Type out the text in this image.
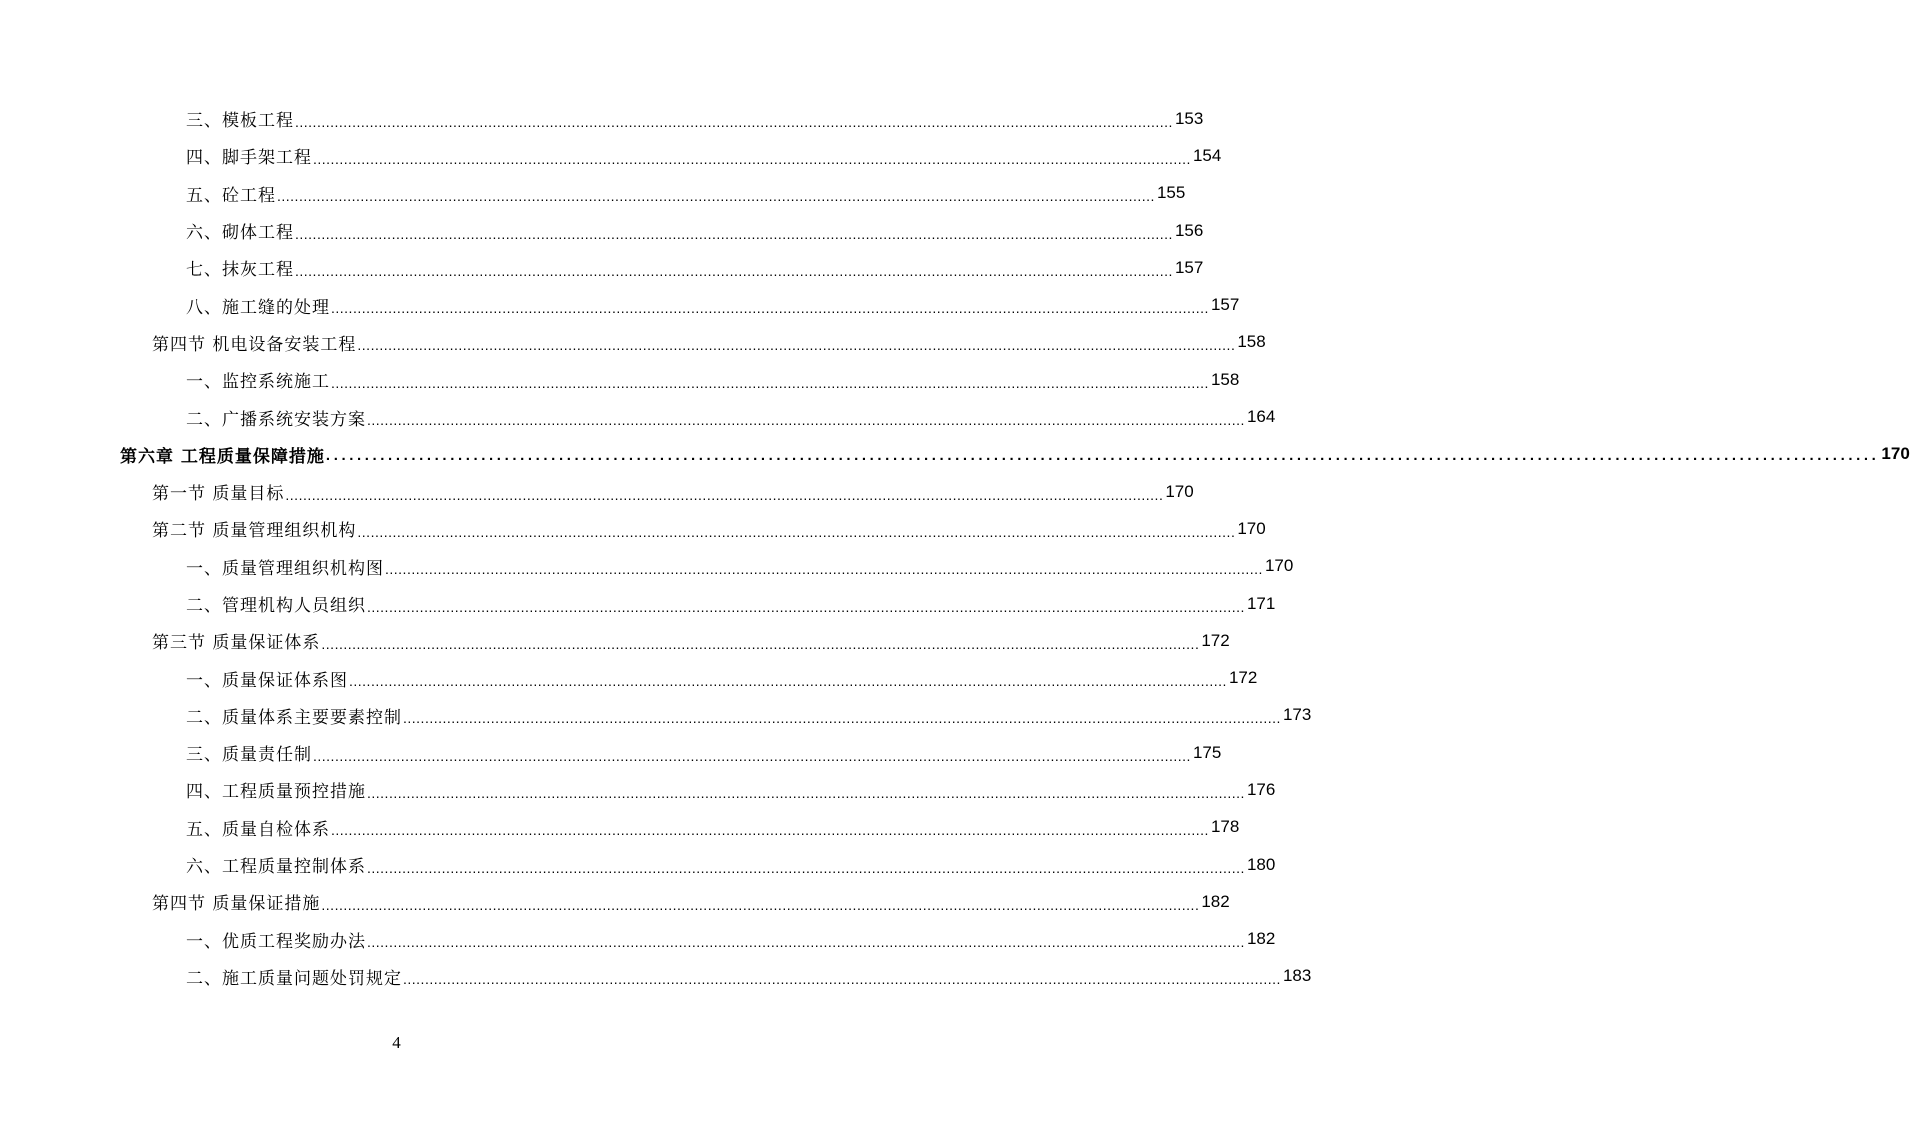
三、模板工程 ........................................................................................................................................................................................................ 153
四、脚手架工程 ........................................................................................................................................................................................................ 154
五、砼工程 ........................................................................................................................................................................................................ 155
六、砌体工程 ........................................................................................................................................................................................................ 156
七、抹灰工程 ........................................................................................................................................................................................................ 157
八、施工缝的处理 ........................................................................................................................................................................................................ 157
第四节 机电设备安装工程 ........................................................................................................................................................................................................ 158
一、监控系统施工 ........................................................................................................................................................................................................ 158
二、广播系统安装方案 ........................................................................................................................................................................................................ 164
第六章 工程质量保障措施 ........................................................................................................................................................................................................ 170
第一节 质量目标 ........................................................................................................................................................................................................ 170
第二节 质量管理组织机构 ........................................................................................................................................................................................................ 170
一、质量管理组织机构图 ........................................................................................................................................................................................................ 170
二、管理机构人员组织 ........................................................................................................................................................................................................ 171
第三节 质量保证体系 ........................................................................................................................................................................................................ 172
一、质量保证体系图 ........................................................................................................................................................................................................ 172
二、质量体系主要要素控制 ........................................................................................................................................................................................................ 173
三、质量责任制 ........................................................................................................................................................................................................ 175
四、工程质量预控措施 ........................................................................................................................................................................................................ 176
五、质量自检体系 ........................................................................................................................................................................................................ 178
六、工程质量控制体系 ........................................................................................................................................................................................................ 180
第四节 质量保证措施 ........................................................................................................................................................................................................ 182
一、优质工程奖励办法 ........................................................................................................................................................................................................ 182
二、施工质量问题处罚规定 ........................................................................................................................................................................................................ 183
4
